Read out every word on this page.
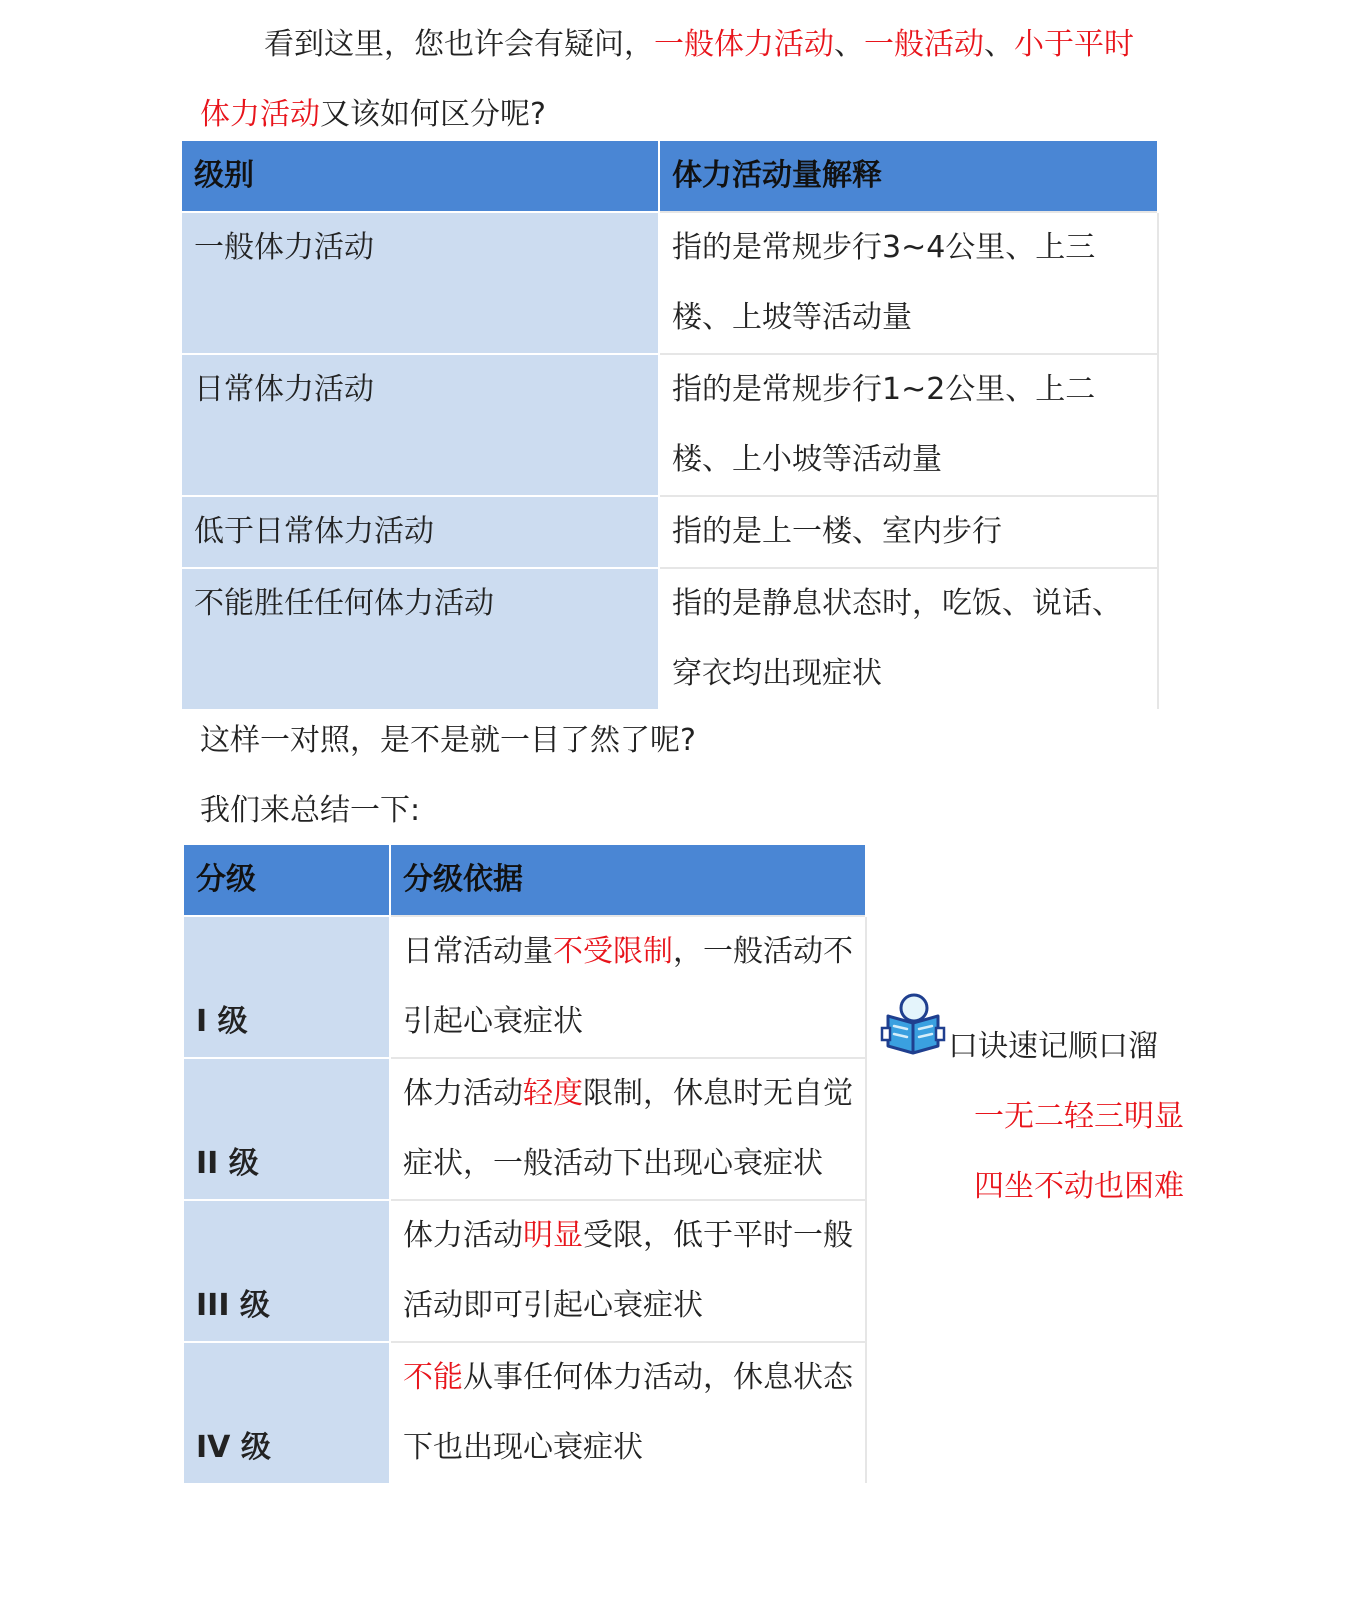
看到这里，您也许会有疑问，一般体力活动、一般活动、小于平时体力活动又该如何区分呢?

级别	体力活动量解释
一般体力活动	指的是常规步行3~4公里、上三楼、上坡等活动量
日常体力活动	指的是常规步行1~2公里、上二楼、上小坡等活动量
低于日常体力活动	指的是上一楼、室内步行
不能胜任任何体力活动	指的是静息状态时，吃饭、说话、穿衣均出现症状

这样一对照，是不是就一目了然了呢?

我们来总结一下:

分级	分级依据
I 级	日常活动量不受限制，一般活动不引起心衰症状
II 级	体力活动轻度限制，休息时无自觉症状，一般活动下出现心衰症状
III 级	体力活动明显受限，低于平时一般活动即可引起心衰症状
IV 级	不能从事任何体力活动，休息状态下也出现心衰症状
口诀速记顺口溜
一无二轻三明显
四坐不动也困难
